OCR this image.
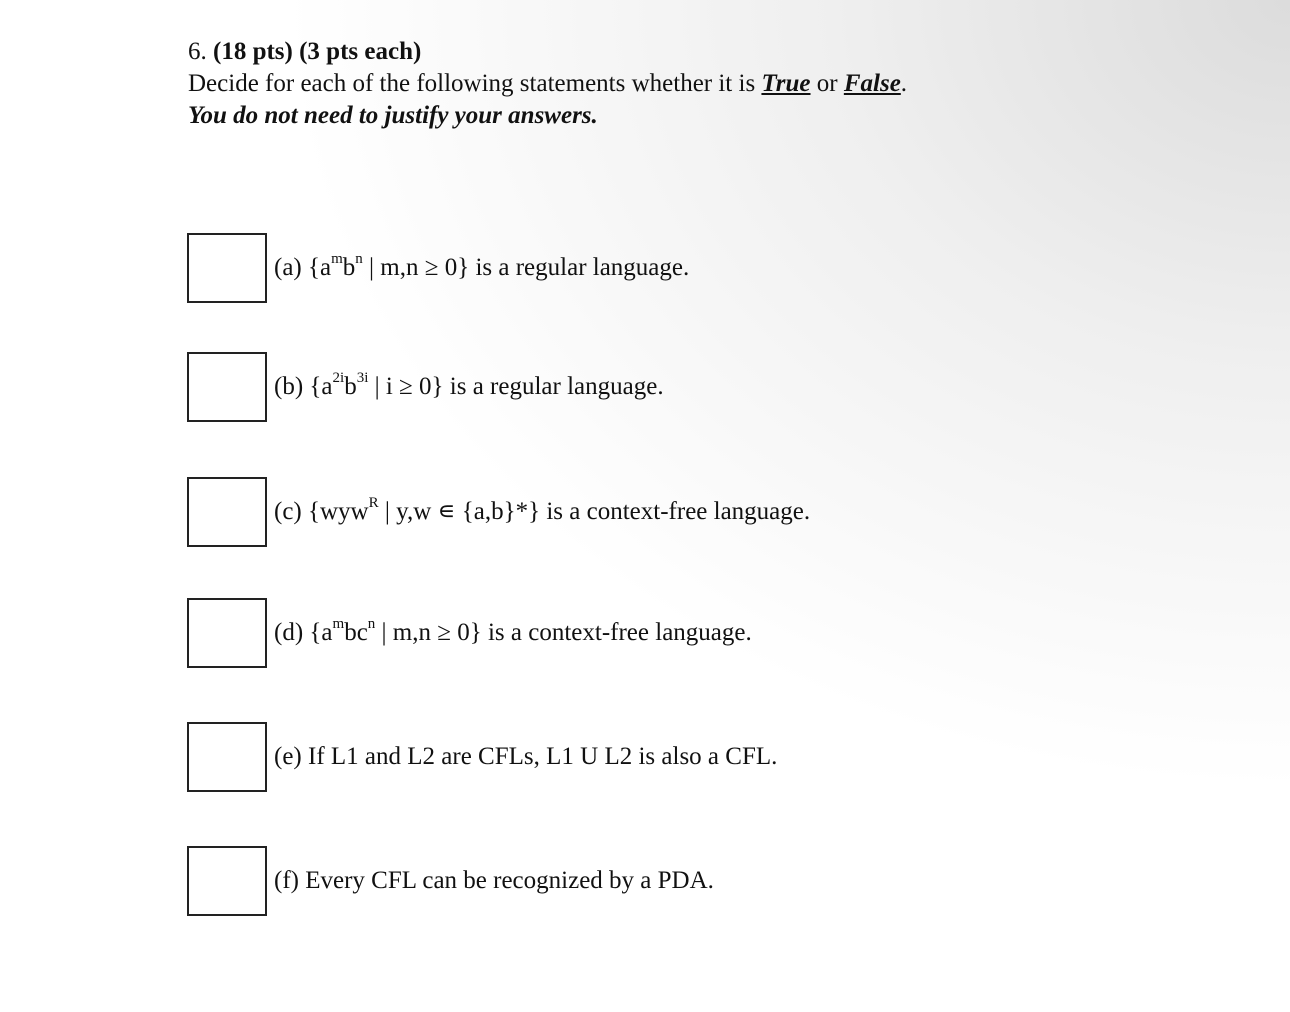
6. (18 pts) (3 pts each)
Decide for each of the following statements whether it is True or False.
You do not need to justify your answers.
(a) {$a^mb^n$ | m,n ≥ 0} is a regular language.
(b) {$a^{2i}b^{3i}$ | i ≥ 0} is a regular language.
(c) {wyw$^R$ | y,w ∊ {a,b}*} is a context-free language.
(d) {$a^mbc^n$ | m,n ≥ 0} is a context-free language.
(e) If L1 and L2 are CFLs, L1 U L2 is also a CFL.
(f) Every CFL can be recognized by a PDA.
